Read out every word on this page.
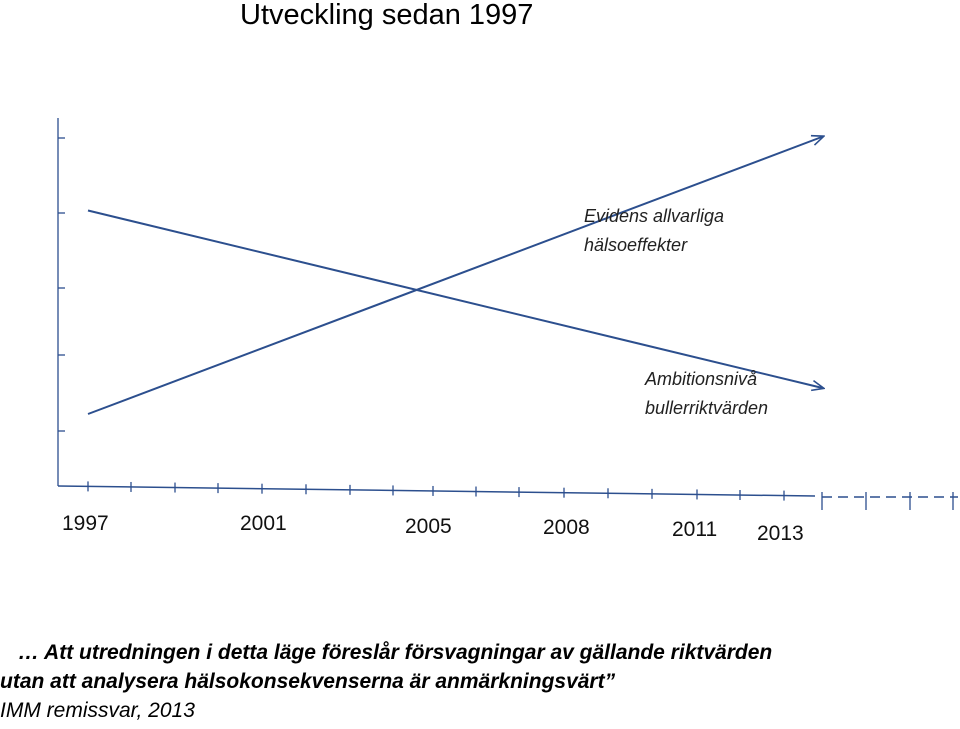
Utveckling sedan 1997
1997	2001	2005	2008	2011 2013
Evidens allvarliga
hälsoeffekter
Ambitionsnivå
bullerriktvärden
… Att utredningen i detta läge föreslår försvagningar av gällande riktvärden
utan att analysera hälsokonsekvenserna är anmärkningsvärt”
IMM remissvar, 2013
